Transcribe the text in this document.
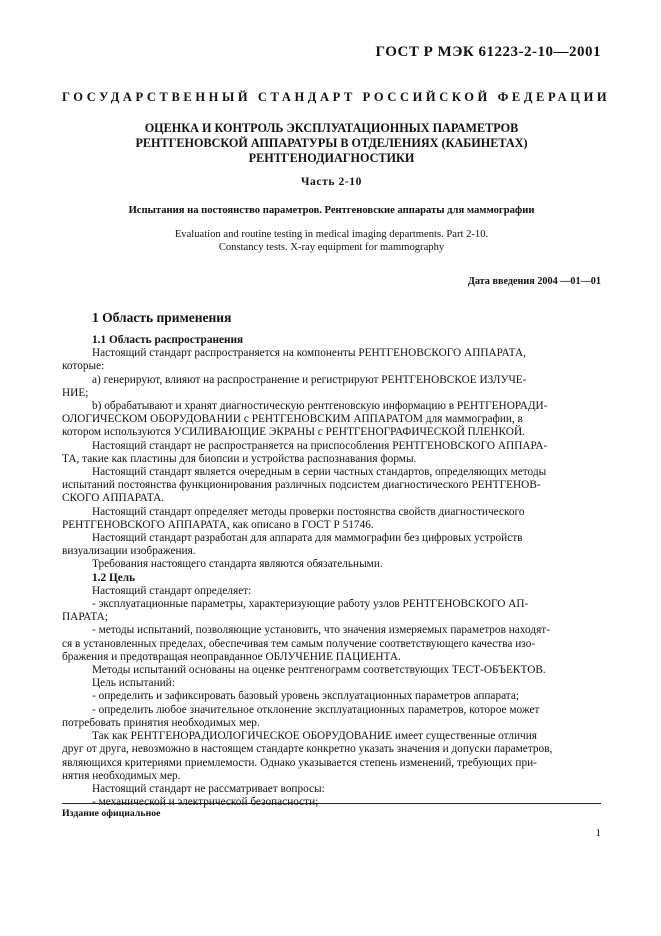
ГОСТ Р МЭК 61223-2-10—2001
ГОСУДАРСТВЕННЫЙ СТАНДАРТ РОССИЙСКОЙ ФЕДЕРАЦИИ
ОЦЕНКА И КОНТРОЛЬ ЭКСПЛУАТАЦИОННЫХ ПАРАМЕТРОВ
РЕНТГЕНОВСКОЙ АППАРАТУРЫ В ОТДЕЛЕНИЯХ (КАБИНЕТАХ)
РЕНТГЕНОДИАГНОСТИКИ
Часть 2-10
Испытания на постоянство параметров. Рентгеновские аппараты для маммографии
Evaluation and routine testing in medical imaging departments. Part 2-10.
Constancy tests. X-ray equipment for mammography
Дата введения 2004 —01—01
1 Область применения

1.1 Область распространения

Настоящий стандарт распространяется на компоненты РЕНТГЕНОВСКОГО АППАРАТА,

которые:

а) генерируют, влияют на распространение и регистрируют РЕНТГЕНОВСКОЕ ИЗЛУЧЕ-

НИЕ;

b) обрабатывают и хранят диагностическую рентгеновскую информацию в РЕНТГЕНОРАДИ-

ОЛОГИЧЕСКОМ ОБОРУДОВАНИИ с РЕНТГЕНОВСКИМ АППАРАТОМ для маммографии, в

котором используются УСИЛИВАЮЩИЕ ЭКРАНЫ с РЕНТГЕНОГРАФИЧЕСКОЙ ПЛЕНКОЙ.

Настоящий стандарт не распространяется на приспособления РЕНТГЕНОВСКОГО АППАРА-

ТА, такие как пластины для биопсии и устройства распознавания формы.

Настоящий стандарт является очередным в серии частных стандартов, определяющих методы

испытаний постоянства функционирования различных подсистем диагностического РЕНТГЕНОВ-

СКОГО АППАРАТА.

Настоящий стандарт определяет методы проверки постоянства свойств диагностического

РЕНТГЕНОВСКОГО АППАРАТА, как описано в ГОСТ Р 51746.

Настоящий стандарт разработан для аппарата для маммографии без цифровых устройств

визуализации изображения.

Требования настоящего стандарта являются обязательными.

1.2 Цель

Настоящий стандарт определяет:

- эксплуатационные параметры, характеризующие работу узлов РЕНТГЕНОВСКОГО АП-

ПАРАТА;

- методы испытаний, позволяющие установить, что значения измеряемых параметров находят-

ся в установленных пределах, обеспечивая тем самым получение соответствующего качества изо-

бражения и предотвращая неоправданное ОБЛУЧЕНИЕ ПАЦИЕНТА.

Методы испытаний основаны на оценке рентгенограмм соответствующих ТЕСТ-ОБЪЕКТОВ.

Цель испытаний:

- определить и зафиксировать базовый уровень эксплуатационных параметров аппарата;

- определить любое значительное отклонение эксплуатационных параметров, которое может

потребовать принятия необходимых мер.

Так как РЕНТГЕНОРАДИОЛОГИЧЕСКОЕ ОБОРУДОВАНИЕ имеет существенные отличия

друг от друга, невозможно в настоящем стандарте конкретно указать значения и допуски параметров,

являющихся критериями приемлемости. Однако указывается степень изменений, требующих при-

нятия необходимых мер.

Настоящий стандарт не рассматривает вопросы:

- механической и электрической безопасности;

Издание официальное
1
